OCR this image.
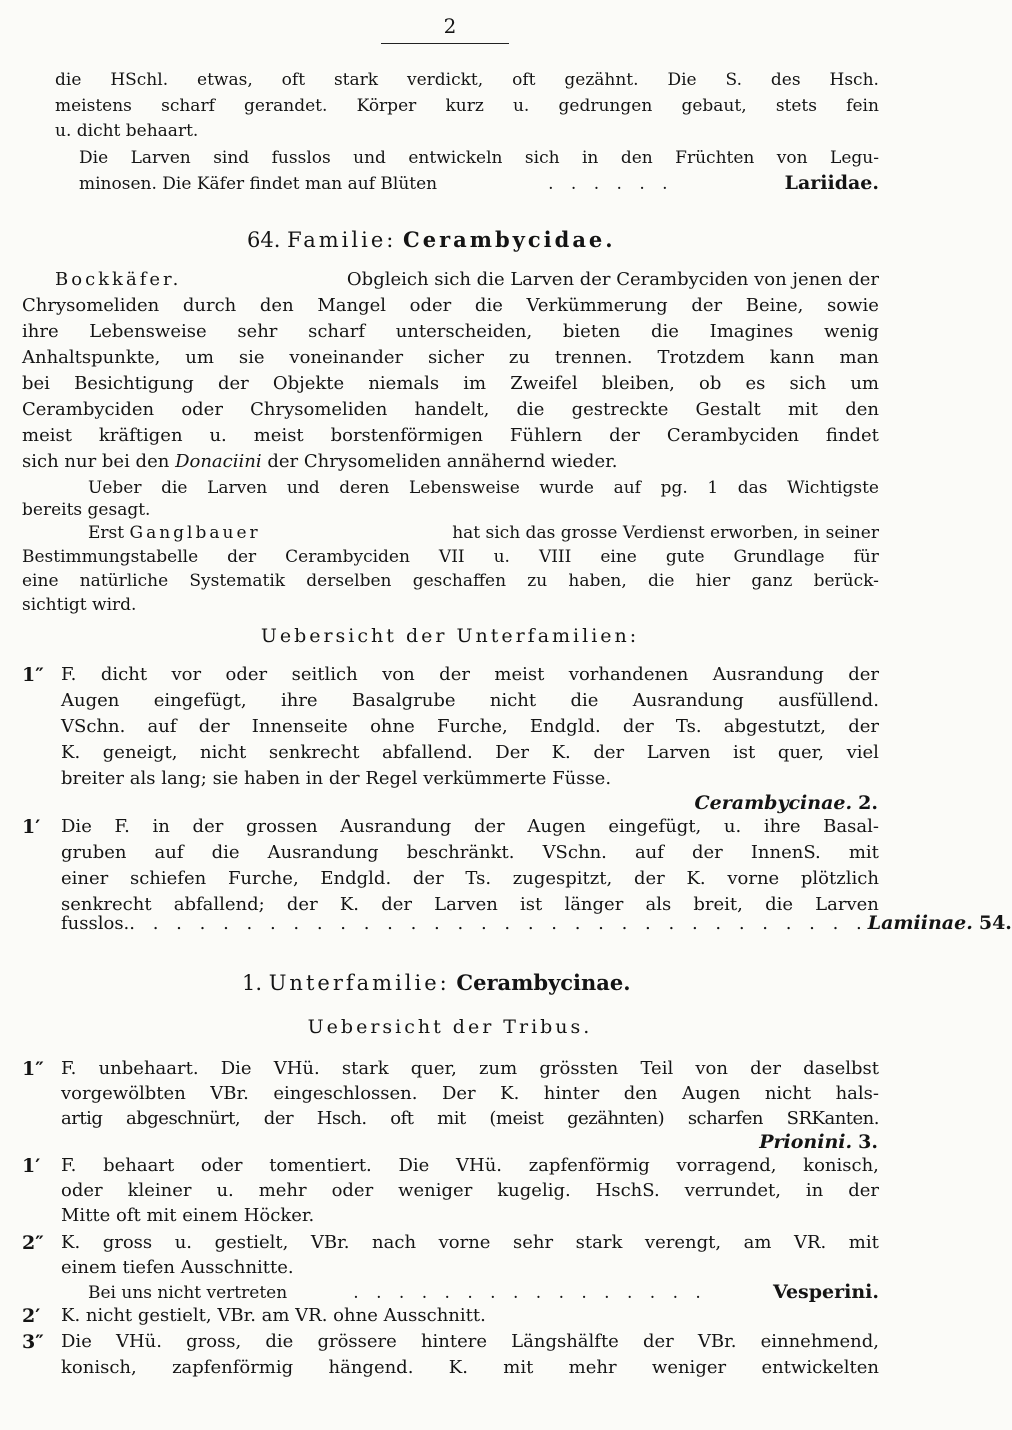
2
die HSchl. etwas, oft stark verdickt, oft gezähnt. Die S. des Hsch.
meistens scharf gerandet. Körper kurz u. gedrungen gebaut, stets fein
u. dicht behaart.
Die Larven sind fusslos und entwickeln sich in den Früchten von Legu-
minosen. Die Käfer findet man auf Blüten	. . . . . .	Lariidae.
64. Familie: Cerambycidae.
Bockkäfer.	Obgleich sich die Larven der Cerambyciden von jenen der
Chrysomeliden durch den Mangel oder die Verkümmerung der Beine, sowie
ihre Lebensweise sehr scharf unterscheiden, bieten die Imagines wenig
Anhaltspunkte, um sie voneinander sicher zu trennen. Trotzdem kann man
bei Besichtigung der Objekte niemals im Zweifel bleiben, ob es sich um
Cerambyciden oder Chrysomeliden handelt, die gestreckte Gestalt mit den
meist kräftigen u. meist borstenförmigen Fühlern der Cerambyciden findet
sich nur bei den Donaciini der Chrysomeliden annähernd wieder.
Ueber die Larven und deren Lebensweise wurde auf pg. 1 das Wichtigste
bereits gesagt.
Erst Ganglbauer	hat sich das grosse Verdienst erworben, in seiner
Bestimmungstabelle der Cerambyciden VII u. VIII eine gute Grundlage für
eine natürliche Systematik derselben geschaffen zu haben, die hier ganz berück-
sichtigt wird.
Uebersicht der Unterfamilien:
1″ F. dicht vor oder seitlich von der meist vorhandenen Ausrandung der
Augen eingefügt, ihre Basalgrube nicht die Ausrandung ausfüllend.
VSchn. auf der Innenseite ohne Furche, Endgld. der Ts. abgestutzt, der
K. geneigt, nicht senkrecht abfallend. Der K. der Larven ist quer, viel
breiter als lang; sie haben in der Regel verkümmerte Füsse.
Cerambycinae. 2.
1′ Die F. in der grossen Ausrandung der Augen eingefügt, u. ihre Basal-
gruben auf die Ausrandung beschränkt. VSchn. auf der InnenS. mit
einer schiefen Furche, Endgld. der Ts. zugespitzt, der K. vorne plötzlich
senkrecht abfallend; der K. der Larven ist länger als breit, die Larven
fusslos. . . . . . . . . . . . . . . . . . . . . . . . . . . . . . . . . Lamiinae. 54.
1. Unterfamilie: Cerambycinae.
Uebersicht der Tribus.
1″ F. unbehaart. Die VHü. stark quer, zum grössten Teil von der daselbst
vorgewölbten VBr. eingeschlossen. Der K. hinter den Augen nicht hals-
artig abgeschnürt, der Hsch. oft mit (meist gezähnten) scharfen SRKanten.
Prionini. 3.
1′ F. behaart oder tomentiert. Die VHü. zapfenförmig vorragend, konisch,
oder kleiner u. mehr oder weniger kugelig. HschS. verrundet, in der
Mitte oft mit einem Höcker.
2″ K. gross u. gestielt, VBr. nach vorne sehr stark verengt, am VR. mit
einem tiefen Ausschnitte.
Bei uns nicht vertreten	. . . . . . . . . . . . . . . .	Vesperini.
2′ K. nicht gestielt, VBr. am VR. ohne Ausschnitt.
3″ Die VHü. gross, die grössere hintere Längshälfte der VBr. einnehmend,
konisch, zapfenförmig hängend. K. mit mehr weniger entwickelten
